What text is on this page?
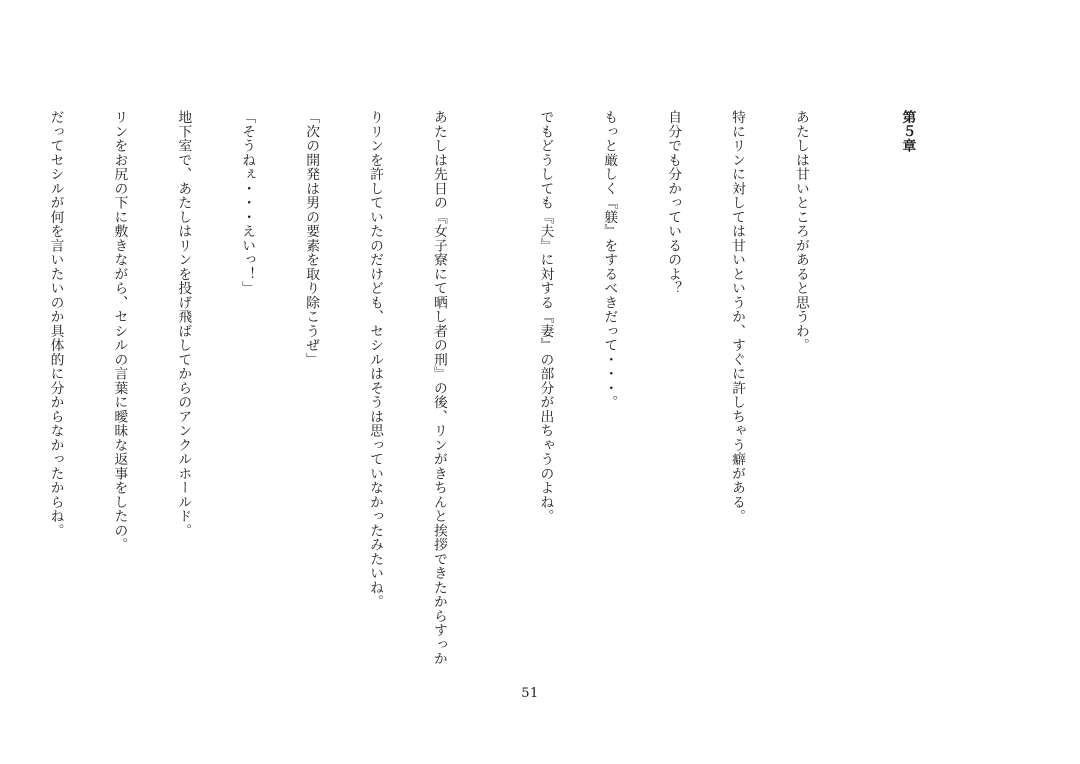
第５章

あたしは甘いところがあると思うわ。

特にリンに対しては甘いというか、すぐに許しちゃう癖がある。

自分でも分かっているのよ？

もっと厳しく『躾』をするべきだって・・・。

でもどうしても『夫』に対する『妻』の部分が出ちゃうのよね。

あたしは先日の『女子寮にて晒し者の刑』の後、リンがきちんと挨拶できたからすっか

りリンを許していたのだけども、セシルはそうは思っていなかったみたいね。

「次の開発は男の要素を取り除こうぜ」

「そうねぇ・・・えいっ！」

地下室で、あたしはリンを投げ飛ばしてからのアンクルホールド。

リンをお尻の下に敷きながら、セシルの言葉に曖昧な返事をしたの。

だってセシルが何を言いたいのか具体的に分からなかったからね。

51
